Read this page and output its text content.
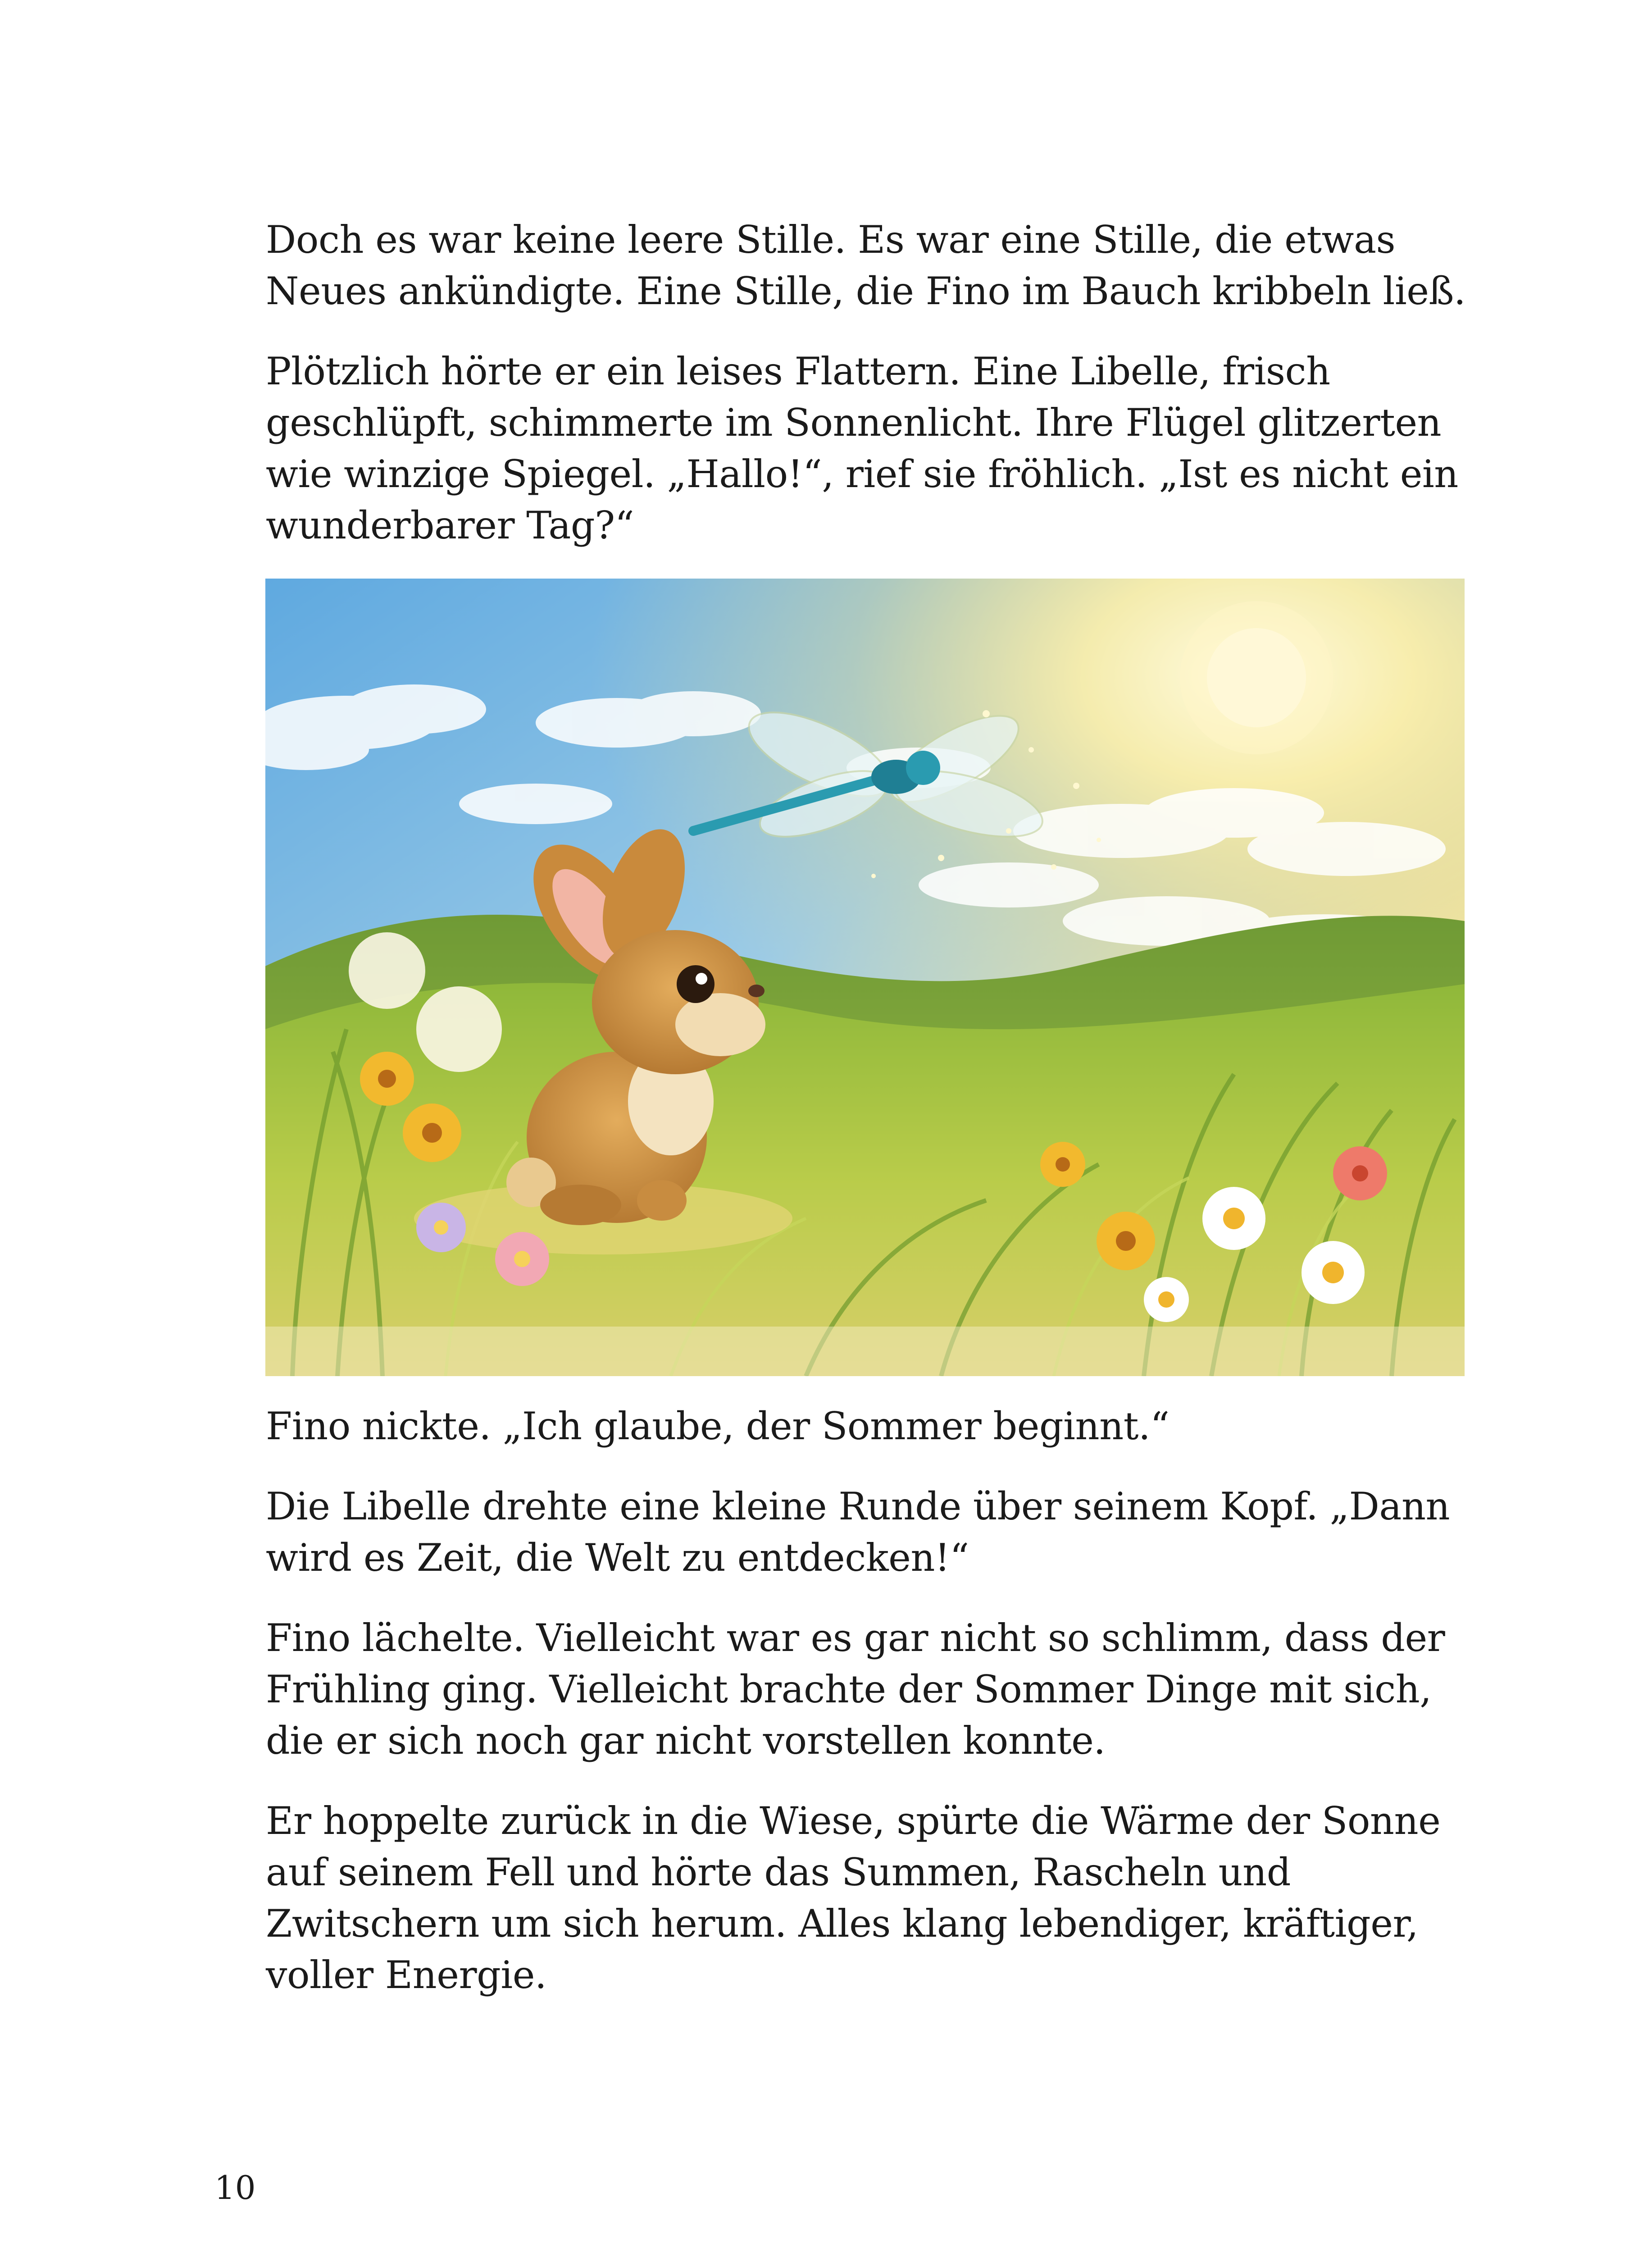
Doch es war keine leere Stille. Es war eine Stille, die etwas
Neues ankündigte. Eine Stille, die Fino im Bauch kribbeln ließ.

Plötzlich hörte er ein leises Flattern. Eine Libelle, frisch
geschlüpft, schimmerte im Sonnenlicht. Ihre Flügel glitzerten
wie winzige Spiegel. „Hallo!“, rief sie fröhlich. „Ist es nicht ein
wunderbarer Tag?“

Fino nickte. „Ich glaube, der Sommer beginnt.“

Die Libelle drehte eine kleine Runde über seinem Kopf. „Dann
wird es Zeit, die Welt zu entdecken!“

Fino lächelte. Vielleicht war es gar nicht so schlimm, dass der
Frühling ging. Vielleicht brachte der Sommer Dinge mit sich,
die er sich noch gar nicht vorstellen konnte.

Er hoppelte zurück in die Wiese, spürte die Wärme der Sonne
auf seinem Fell und hörte das Summen, Rascheln und
Zwitschern um sich herum. Alles klang lebendiger, kräftiger,
voller Energie.

10
